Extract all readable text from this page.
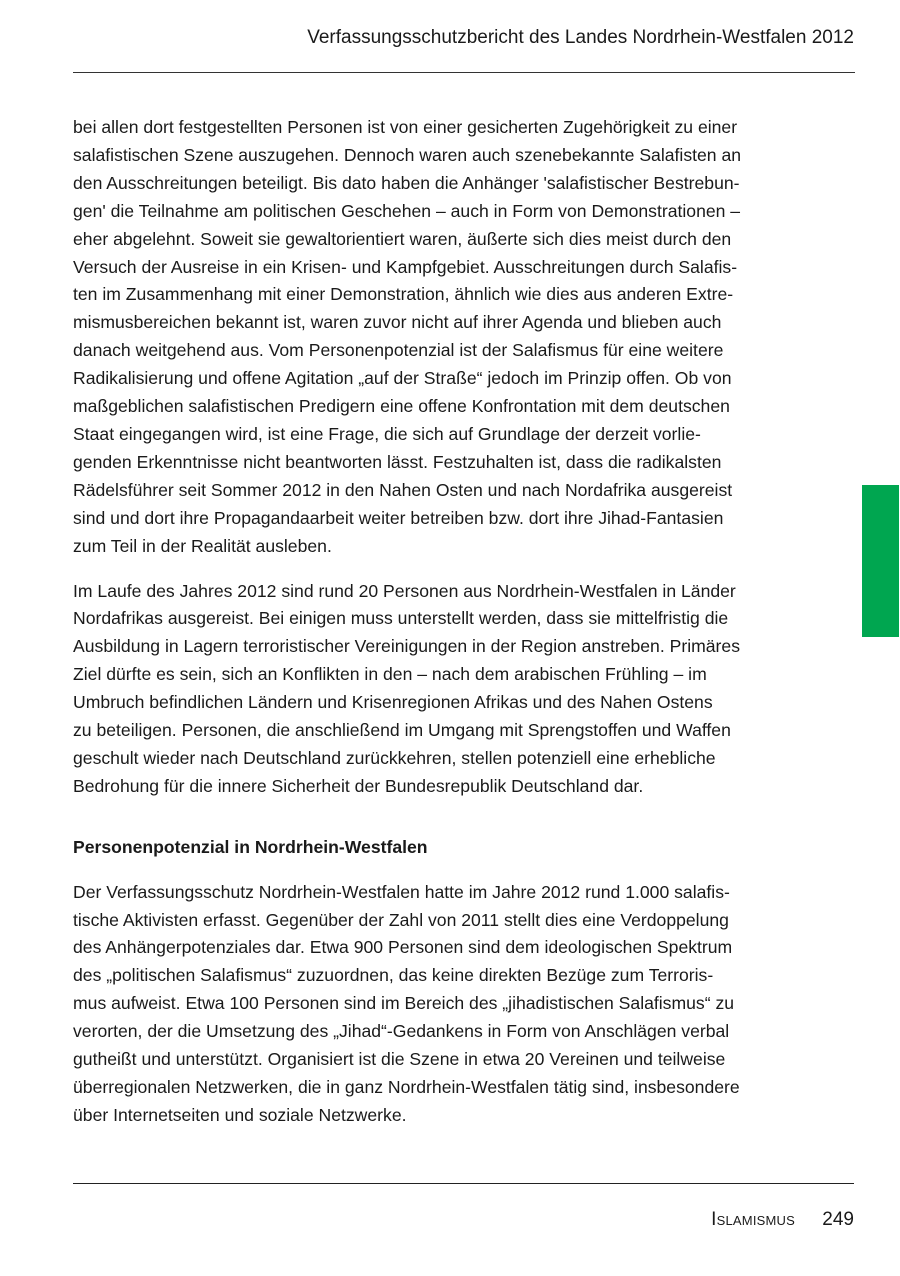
Verfassungsschutzbericht des Landes Nordrhein-Westfalen 2012

bei allen dort festgestellten Personen ist von einer gesicherten Zugehörigkeit zu einer
salafistischen Szene auszugehen. Dennoch waren auch szenebekannte Salafisten an
den Ausschreitungen beteiligt. Bis dato haben die Anhänger 'salafistischer Bestrebun-
gen' die Teilnahme am politischen Geschehen – auch in Form von Demonstrationen –
eher abgelehnt. Soweit sie gewaltorientiert waren, äußerte sich dies meist durch den
Versuch der Ausreise in ein Krisen- und Kampfgebiet. Ausschreitungen durch Salafis-
ten im Zusammenhang mit einer Demonstration, ähnlich wie dies aus anderen Extre-
mismusbereichen bekannt ist, waren zuvor nicht auf ihrer Agenda und blieben auch
danach weitgehend aus. Vom Personenpotenzial ist der Salafismus für eine weitere
Radikalisierung und offene Agitation „auf der Straße“ jedoch im Prinzip offen. Ob von
maßgeblichen salafistischen Predigern eine offene Konfrontation mit dem deutschen
Staat eingegangen wird, ist eine Frage, die sich auf Grundlage der derzeit vorlie-
genden Erkenntnisse nicht beantworten lässt. Festzuhalten ist, dass die radikalsten
Rädelsführer seit Sommer 2012 in den Nahen Osten und nach Nordafrika ausgereist
sind und dort ihre Propagandaarbeit weiter betreiben bzw. dort ihre Jihad-Fantasien
zum Teil in der Realität ausleben.

Im Laufe des Jahres 2012 sind rund 20 Personen aus Nordrhein-Westfalen in Länder
Nordafrikas ausgereist. Bei einigen muss unterstellt werden, dass sie mittelfristig die
Ausbildung in Lagern terroristischer Vereinigungen in der Region anstreben. Primäres
Ziel dürfte es sein, sich an Konflikten in den – nach dem arabischen Frühling – im
Umbruch befindlichen Ländern und Krisenregionen Afrikas und des Nahen Ostens
zu beteiligen. Personen, die anschließend im Umgang mit Sprengstoffen und Waffen
geschult wieder nach Deutschland zurückkehren, stellen potenziell eine erhebliche
Bedrohung für die innere Sicherheit der Bundesrepublik Deutschland dar.

Personenpotenzial in Nordrhein-Westfalen

Der Verfassungsschutz Nordrhein-Westfalen hatte im Jahre 2012 rund 1.000 salafis-
tische Aktivisten erfasst. Gegenüber der Zahl von 2011 stellt dies eine Verdoppelung
des Anhängerpotenziales dar. Etwa 900 Personen sind dem ideologischen Spektrum
des „politischen Salafismus“ zuzuordnen, das keine direkten Bezüge zum Terroris-
mus aufweist. Etwa 100 Personen sind im Bereich des „jihadistischen Salafismus“ zu
verorten, der die Umsetzung des „Jihad“-Gedankens in Form von Anschlägen verbal
gutheißt und unterstützt. Organisiert ist die Szene in etwa 20 Vereinen und teilweise
überregionalen Netzwerken, die in ganz Nordrhein-Westfalen tätig sind, insbesondere
über Internetseiten und soziale Netzwerke.

Islamismus 249
